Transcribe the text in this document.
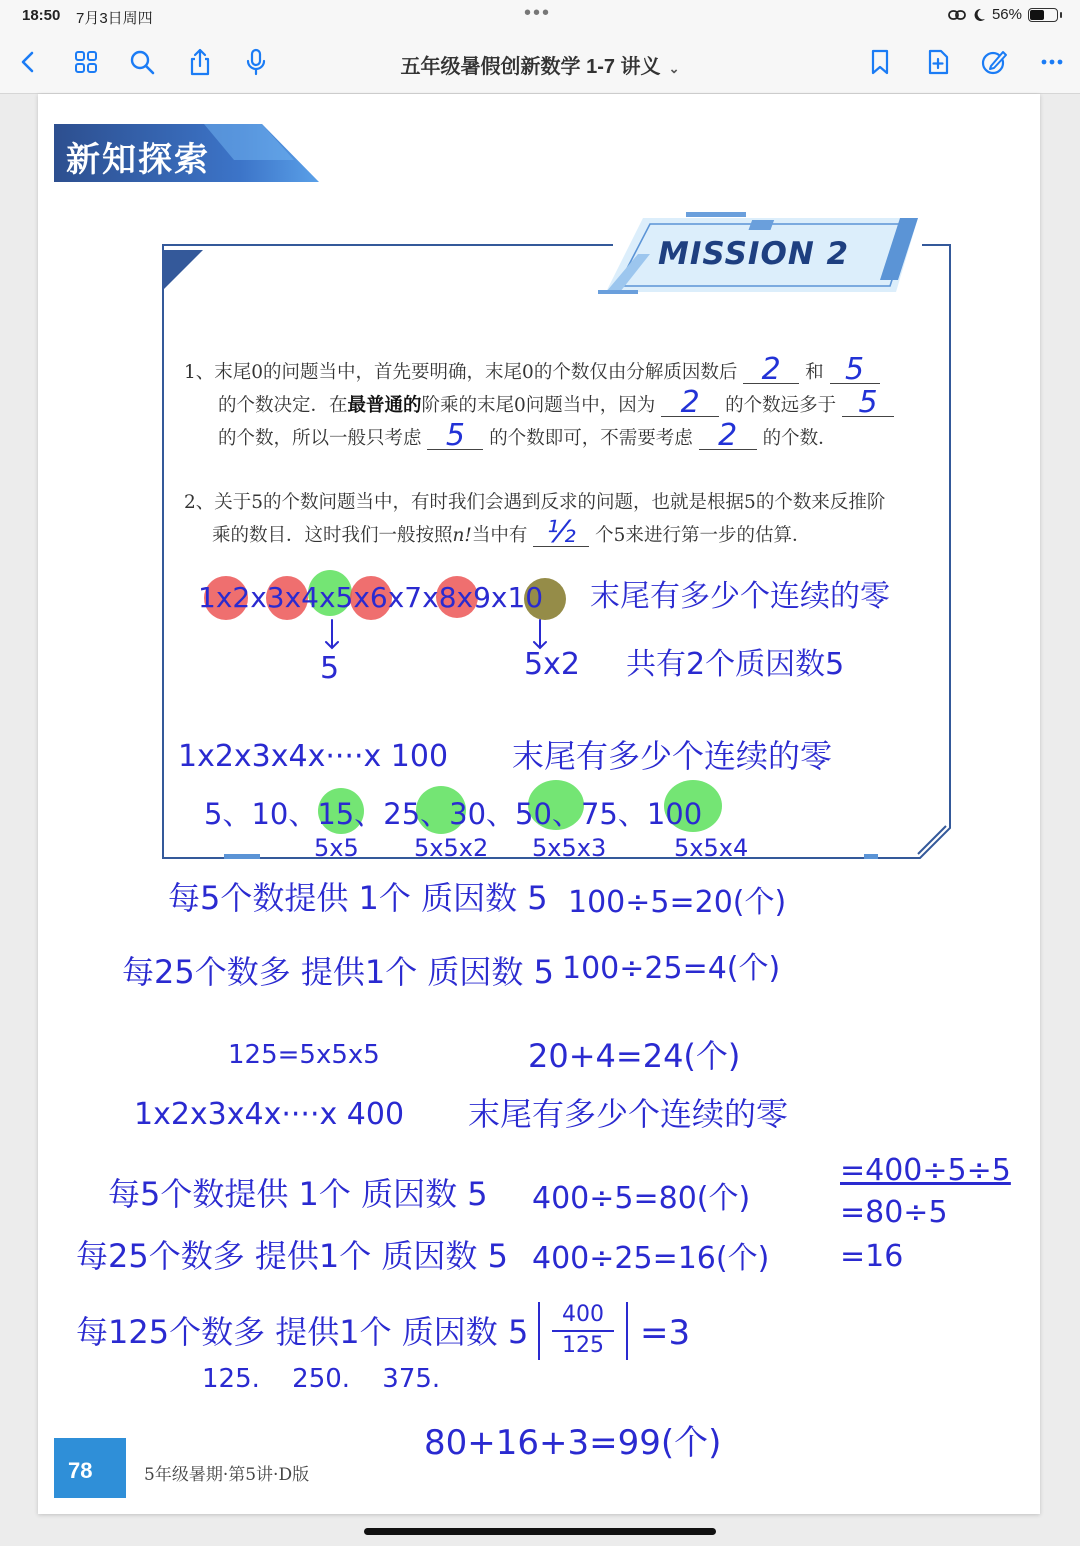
18:50 7月3日周四	•••	56%
五年级暑假创新数学 1-7 讲义 ⌄
新知探索
MISSION 2
1、末尾0的问题当中，首先要明确，末尾0的个数仅由分解质因数后 2	和 5

的个数决定．在最普通的阶乘的末尾0问题当中，因为 2	的个数远多于 5

的个数，所以一般只考虑 5	的个数即可，不需要考虑 2	的个数．
2、关于5的个数问题当中，有时我们会遇到反求的问题，也就是根据5的个数来反推阶
乘的数目．这时我们一般按照n!当中有 ½	个5来进行第一步的估算．
1x2x3x4x5x6x7x8x9x10 末尾有多少个连续的零
5	5x2 共有2个质因数5
1x2x3x4x····x 100 末尾有多少个连续的零
5、10、15、25、30、50、75、100
5x5 5x5x2 5x5x3	5x5x4
每5个数提供 1个 质因数 5 100÷5=20(个)
每25个数多 提供1个 质因数 5 100÷25=4(个)
125=5x5x5	20+4=24(个)
1x2x3x4x····x 400 末尾有多少个连续的零
每5个数提供 1个 质因数 5 400÷5=80(个)
每25个数多 提供1个 质因数 5 400÷25=16(个)
每125个数多 提供1个 质因数 5 400
125 =3
125. 250. 375.
80+16+3=99(个)
=400÷5÷5
=80÷5
=16
78	5年级暑期·第5讲·D版
